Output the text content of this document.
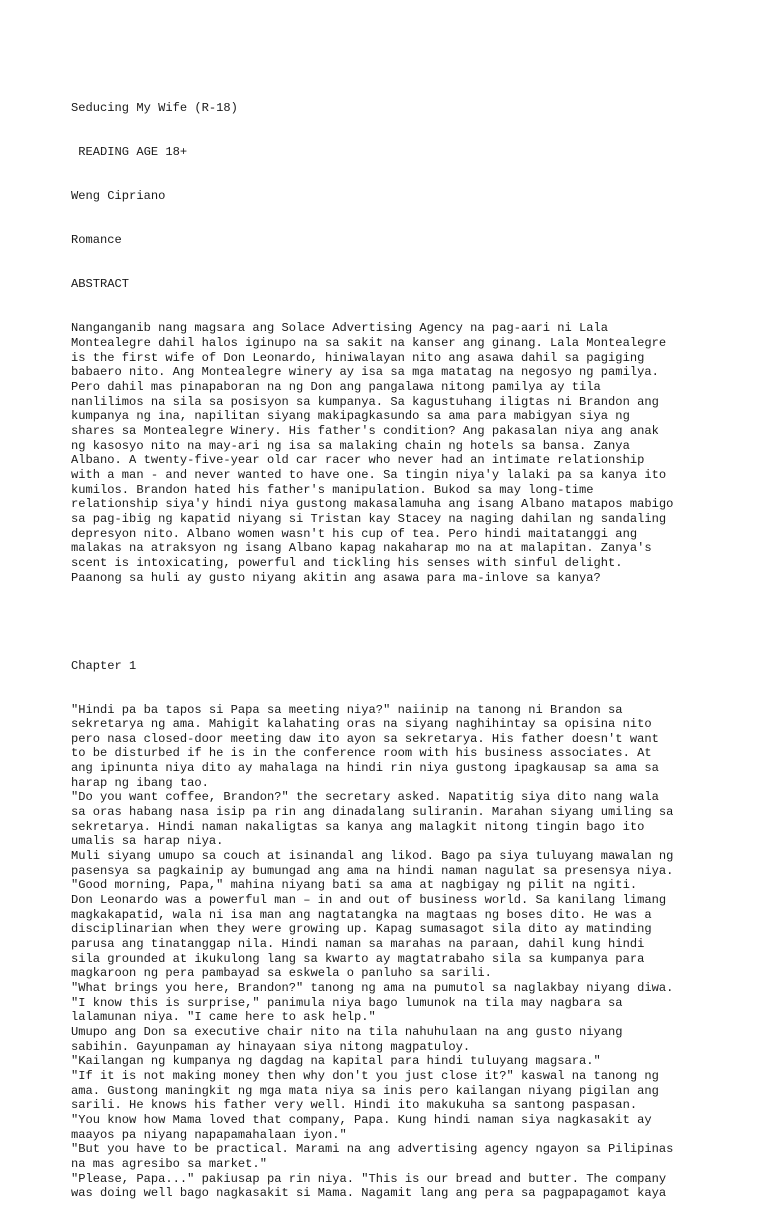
Seducing My Wife (R-18)

READING AGE 18+

Weng Cipriano

Romance

ABSTRACT

Nanganganib nang magsara ang Solace Advertising Agency na pag-aari ni Lala
Montealegre dahil halos iginupo na sa sakit na kanser ang ginang. Lala Montealegre
is the first wife of Don Leonardo, hiniwalayan nito ang asawa dahil sa pagiging
babaero nito. Ang Montealegre winery ay isa sa mga matatag na negosyo ng pamilya.
Pero dahil mas pinapaboran na ng Don ang pangalawa nitong pamilya ay tila
nanlilimos na sila sa posisyon sa kumpanya. Sa kagustuhang iligtas ni Brandon ang
kumpanya ng ina, napilitan siyang makipagkasundo sa ama para mabigyan siya ng
shares sa Montealegre Winery. His father's condition? Ang pakasalan niya ang anak
ng kasosyo nito na may-ari ng isa sa malaking chain ng hotels sa bansa. Zanya
Albano. A twenty-five-year old car racer who never had an intimate relationship
with a man - and never wanted to have one. Sa tingin niya'y lalaki pa sa kanya ito
kumilos. Brandon hated his father's manipulation. Bukod sa may long-time
relationship siya'y hindi niya gustong makasalamuha ang isang Albano matapos mabigo
sa pag-ibig ng kapatid niyang si Tristan kay Stacey na naging dahilan ng sandaling
depresyon nito. Albano women wasn't his cup of tea. Pero hindi maitatanggi ang
malakas na atraksyon ng isang Albano kapag nakaharap mo na at malapitan. Zanya's
scent is intoxicating, powerful and tickling his senses with sinful delight.
Paanong sa huli ay gusto niyang akitin ang asawa para ma-inlove sa kanya?

Chapter 1

"Hindi pa ba tapos si Papa sa meeting niya?" naiinip na tanong ni Brandon sa
sekretarya ng ama. Mahigit kalahating oras na siyang naghihintay sa opisina nito
pero nasa closed-door meeting daw ito ayon sa sekretarya. His father doesn't want
to be disturbed if he is in the conference room with his business associates. At
ang ipinunta niya dito ay mahalaga na hindi rin niya gustong ipagkausap sa ama sa
harap ng ibang tao.
"Do you want coffee, Brandon?" the secretary asked. Napatitig siya dito nang wala
sa oras habang nasa isip pa rin ang dinadalang suliranin. Marahan siyang umiling sa
sekretarya. Hindi naman nakaligtas sa kanya ang malagkit nitong tingin bago ito
umalis sa harap niya.
Muli siyang umupo sa couch at isinandal ang likod. Bago pa siya tuluyang mawalan ng
pasensya sa pagkainip ay bumungad ang ama na hindi naman nagulat sa presensya niya.
"Good morning, Papa," mahina niyang bati sa ama at nagbigay ng pilit na ngiti.
Don Leonardo was a powerful man – in and out of business world. Sa kanilang limang
magkakapatid, wala ni isa man ang nagtatangka na magtaas ng boses dito. He was a
disciplinarian when they were growing up. Kapag sumasagot sila dito ay matinding
parusa ang tinatanggap nila. Hindi naman sa marahas na paraan, dahil kung hindi
sila grounded at ikukulong lang sa kwarto ay magtatrabaho sila sa kumpanya para
magkaroon ng pera pambayad sa eskwela o panluho sa sarili.
"What brings you here, Brandon?" tanong ng ama na pumutol sa naglakbay niyang diwa.
"I know this is surprise," panimula niya bago lumunok na tila may nagbara sa
lalamunan niya. "I came here to ask help."
Umupo ang Don sa executive chair nito na tila nahuhulaan na ang gusto niyang
sabihin. Gayunpaman ay hinayaan siya nitong magpatuloy.
"Kailangan ng kumpanya ng dagdag na kapital para hindi tuluyang magsara."
"If it is not making money then why don't you just close it?" kaswal na tanong ng
ama. Gustong maningkit ng mga mata niya sa inis pero kailangan niyang pigilan ang
sarili. He knows his father very well. Hindi ito makukuha sa santong paspasan.
"You know how Mama loved that company, Papa. Kung hindi naman siya nagkasakit ay
maayos pa niyang napapamahalaan iyon."
"But you have to be practical. Marami na ang advertising agency ngayon sa Pilipinas
na mas agresibo sa market."
"Please, Papa..." pakiusap pa rin niya. "This is our bread and butter. The company
was doing well bago nagkasakit si Mama. Nagamit lang ang pera sa pagpapagamot kaya
